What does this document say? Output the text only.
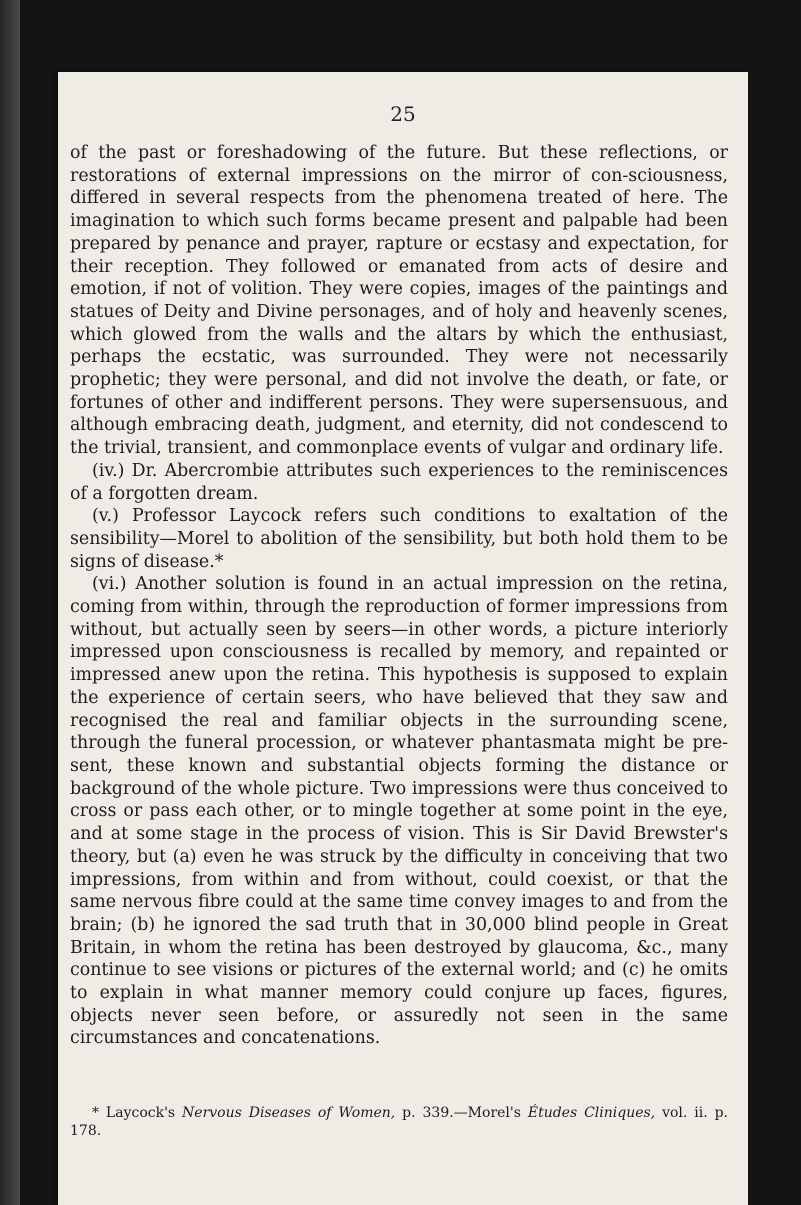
25

of the past or foreshadowing of the future. But these reflections, or restorations of external impressions on the mirror of con-sciousness, differed in several respects from the phenomena treated of here. The imagination to which such forms became present and palpable had been prepared by penance and prayer, rapture or ecstasy and expectation, for their reception. They followed or emanated from acts of desire and emotion, if not of volition. They were copies, images of the paintings and statues of Deity and Divine personages, and of holy and heavenly scenes, which glowed from the walls and the altars by which the enthusiast, perhaps the ecstatic, was surrounded. They were not necessarily prophetic; they were personal, and did not involve the death, or fate, or fortunes of other and indifferent persons. They were supersensuous, and although embracing death, judgment, and eternity, did not condescend to the trivial, transient, and commonplace events of vulgar and ordinary life.

(iv.) Dr. Abercrombie attributes such experiences to the reminiscences of a forgotten dream.

(v.) Professor Laycock refers such conditions to exaltation of the sensibility—Morel to abolition of the sensibility, but both hold them to be signs of disease.*

(vi.) Another solution is found in an actual impression on the retina, coming from within, through the reproduction of former impressions from without, but actually seen by seers—in other words, a picture interiorly impressed upon consciousness is recalled by memory, and repainted or impressed anew upon the retina. This hypothesis is supposed to explain the experience of certain seers, who have believed that they saw and recognised the real and familiar objects in the surrounding scene, through the funeral procession, or whatever phantasmata might be pre-sent, these known and substantial objects forming the distance or background of the whole picture. Two impressions were thus conceived to cross or pass each other, or to mingle together at some point in the eye, and at some stage in the process of vision. This is Sir David Brewster's theory, but (a) even he was struck by the difficulty in conceiving that two impressions, from within and from without, could coexist, or that the same nervous fibre could at the same time convey images to and from the brain; (b) he ignored the sad truth that in 30,000 blind people in Great Britain, in whom the retina has been destroyed by glaucoma, &c., many continue to see visions or pictures of the external world; and (c) he omits to explain in what manner memory could conjure up faces, figures, objects never seen before, or assuredly not seen in the same circumstances and concatenations.

* Laycock's Nervous Diseases of Women, p. 339.—Morel's Études Cliniques, vol. ii. p. 178.
